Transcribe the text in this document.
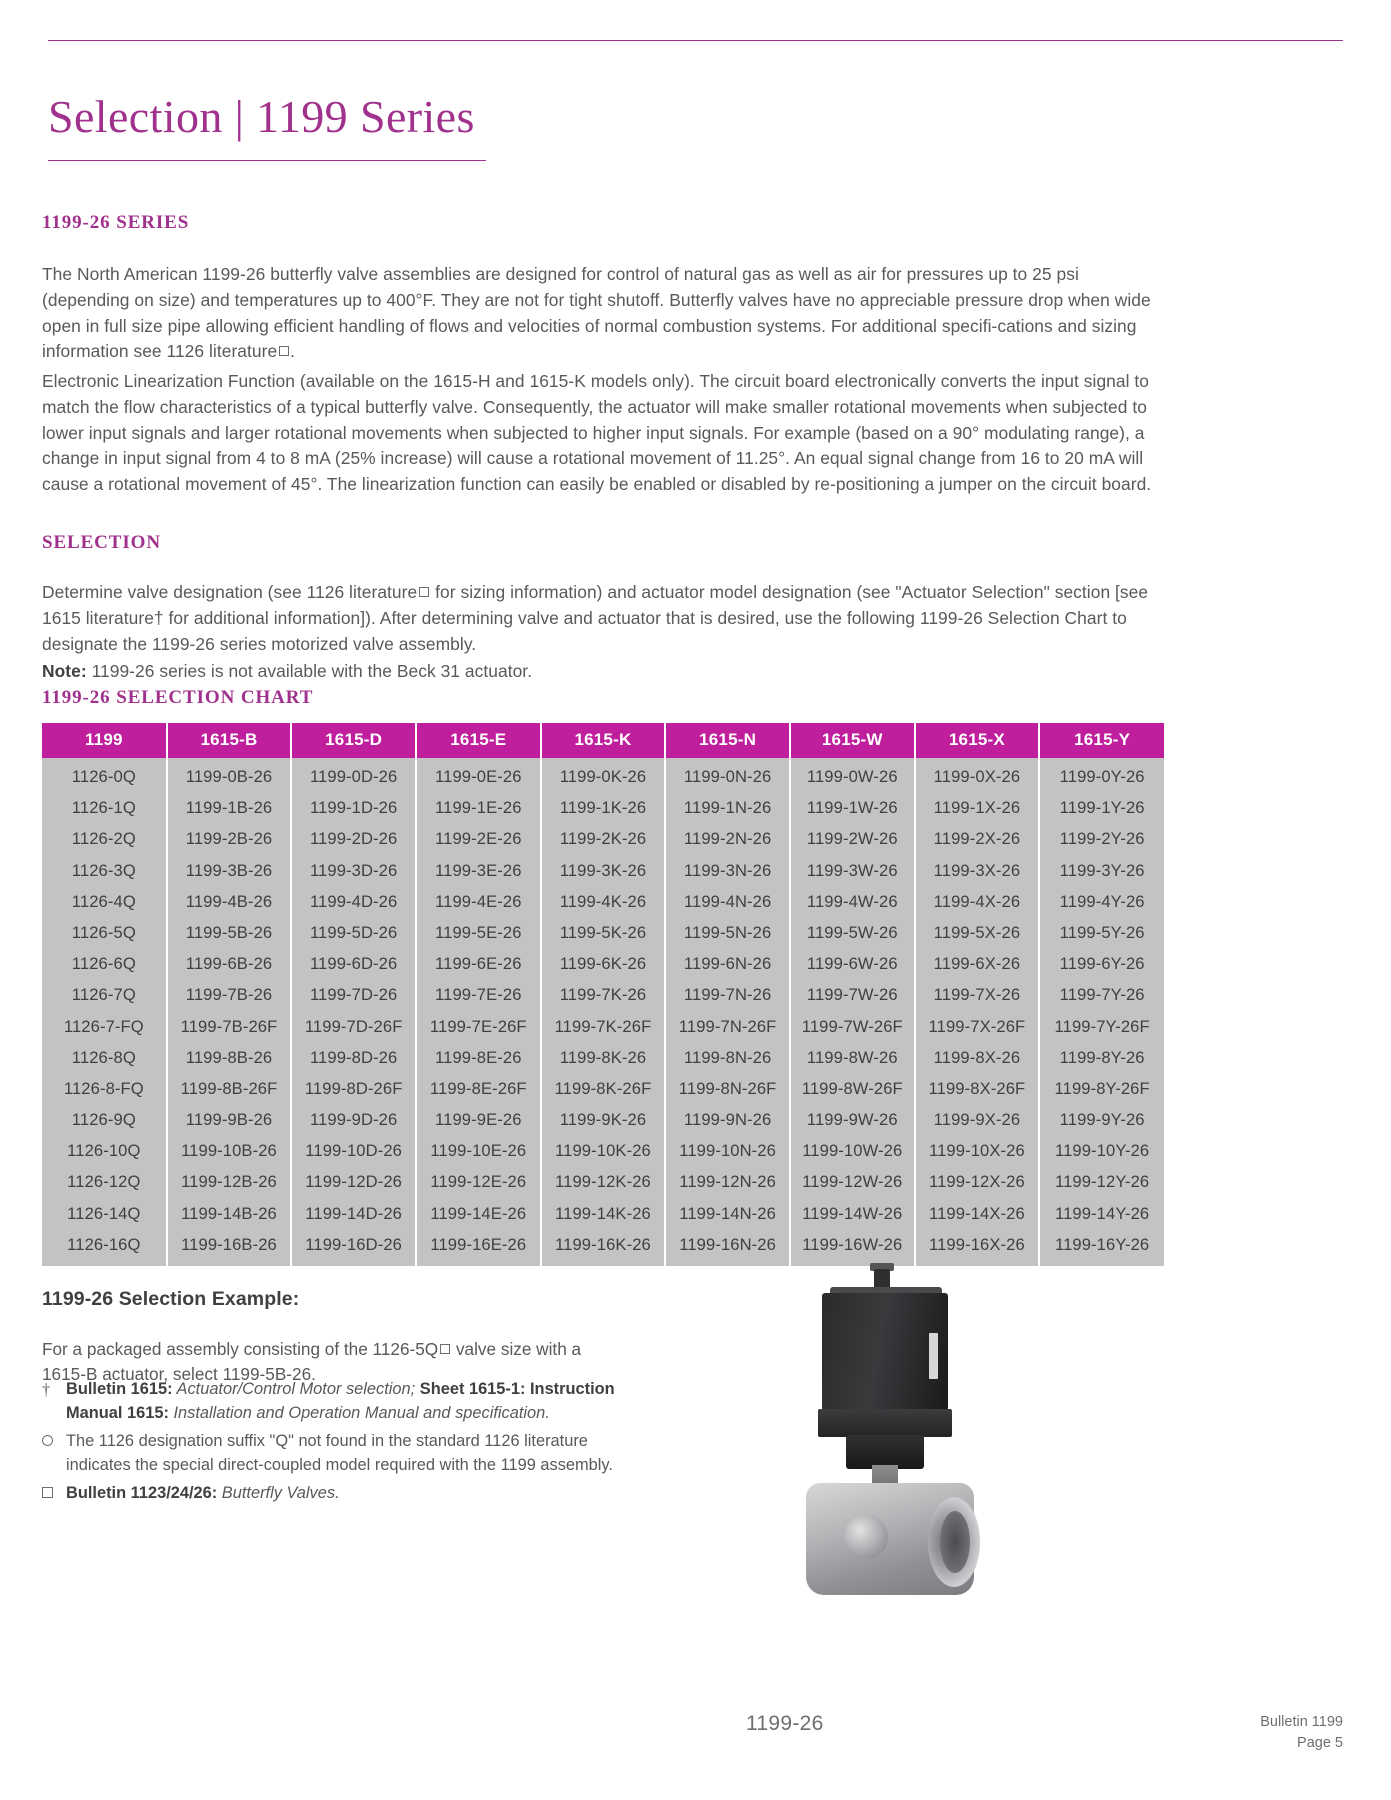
Selection | 1199 Series
1199-26 SERIES

The North American 1199-26 butterfly valve assemblies are designed for control of natural gas as well as air for pressures up to 25 psi (depending on size) and temperatures up to 400°F. They are not for tight shutoff. Butterfly valves have no appreciable pressure drop when wide open in full size pipe allowing efficient handling of flows and velocities of normal combustion systems. For additional specifi-cations and sizing information see 1126 literature .

Electronic Linearization Function (available on the 1615-H and 1615-K models only). The circuit board electronically converts the input signal to match the flow characteristics of a typical butterfly valve. Consequently, the actuator will make smaller rotational movements when subjected to lower input signals and larger rotational movements when subjected to higher input signals. For example (based on a 90° modulating range), a change in input signal from 4 to 8 mA (25% increase) will cause a rotational movement of 11.25°. An equal signal change from 16 to 20 mA will cause a rotational movement of 45°. The linearization function can easily be enabled or disabled by re-positioning a jumper on the circuit board.

SELECTION

Determine valve designation (see 1126 literature for sizing information) and actuator model designation (see "Actuator Selection" section [see 1615 literature† for additional information]). After determining valve and actuator that is desired, use the following 1199-26 Selection Chart to designate the 1199-26 series motorized valve assembly.

Note: 1199-26 series is not available with the Beck 31 actuator.

1199-26 SELECTION CHART
1199	1615-B	1615-D	1615-E	1615-K	1615-N	1615-W	1615-X	1615-Y
1126-0Q	1199-0B-26	1199-0D-26	1199-0E-26	1199-0K-26	1199-0N-26	1199-0W-26	1199-0X-26	1199-0Y-26
1126-1Q	1199-1B-26	1199-1D-26	1199-1E-26	1199-1K-26	1199-1N-26	1199-1W-26	1199-1X-26	1199-1Y-26
1126-2Q	1199-2B-26	1199-2D-26	1199-2E-26	1199-2K-26	1199-2N-26	1199-2W-26	1199-2X-26	1199-2Y-26
1126-3Q	1199-3B-26	1199-3D-26	1199-3E-26	1199-3K-26	1199-3N-26	1199-3W-26	1199-3X-26	1199-3Y-26
1126-4Q	1199-4B-26	1199-4D-26	1199-4E-26	1199-4K-26	1199-4N-26	1199-4W-26	1199-4X-26	1199-4Y-26
1126-5Q	1199-5B-26	1199-5D-26	1199-5E-26	1199-5K-26	1199-5N-26	1199-5W-26	1199-5X-26	1199-5Y-26
1126-6Q	1199-6B-26	1199-6D-26	1199-6E-26	1199-6K-26	1199-6N-26	1199-6W-26	1199-6X-26	1199-6Y-26
1126-7Q	1199-7B-26	1199-7D-26	1199-7E-26	1199-7K-26	1199-7N-26	1199-7W-26	1199-7X-26	1199-7Y-26
1126-7-FQ	1199-7B-26F	1199-7D-26F	1199-7E-26F	1199-7K-26F	1199-7N-26F	1199-7W-26F	1199-7X-26F	1199-7Y-26F
1126-8Q	1199-8B-26	1199-8D-26	1199-8E-26	1199-8K-26	1199-8N-26	1199-8W-26	1199-8X-26	1199-8Y-26
1126-8-FQ	1199-8B-26F	1199-8D-26F	1199-8E-26F	1199-8K-26F	1199-8N-26F	1199-8W-26F	1199-8X-26F	1199-8Y-26F
1126-9Q	1199-9B-26	1199-9D-26	1199-9E-26	1199-9K-26	1199-9N-26	1199-9W-26	1199-9X-26	1199-9Y-26
1126-10Q	1199-10B-26	1199-10D-26	1199-10E-26	1199-10K-26	1199-10N-26	1199-10W-26	1199-10X-26	1199-10Y-26
1126-12Q	1199-12B-26	1199-12D-26	1199-12E-26	1199-12K-26	1199-12N-26	1199-12W-26	1199-12X-26	1199-12Y-26
1126-14Q	1199-14B-26	1199-14D-26	1199-14E-26	1199-14K-26	1199-14N-26	1199-14W-26	1199-14X-26	1199-14Y-26
1126-16Q	1199-16B-26	1199-16D-26	1199-16E-26	1199-16K-26	1199-16N-26	1199-16W-26	1199-16X-26	1199-16Y-26
1199-26 Selection Example:

For a packaged assembly consisting of the 1126-5Q valve size with a 1615-B actuator, select 1199-5B-26.

† Bulletin 1615: Actuator/Control Motor selection; Sheet 1615-1: Instruction Manual 1615: Installation and Operation Manual and specification.
The 1126 designation suffix "Q" not found in the standard 1126 literature indicates the special direct-coupled model required with the 1199 assembly.
Bulletin 1123/24/26: Butterfly Valves.
1199-26	Bulletin 1199
Page 5
